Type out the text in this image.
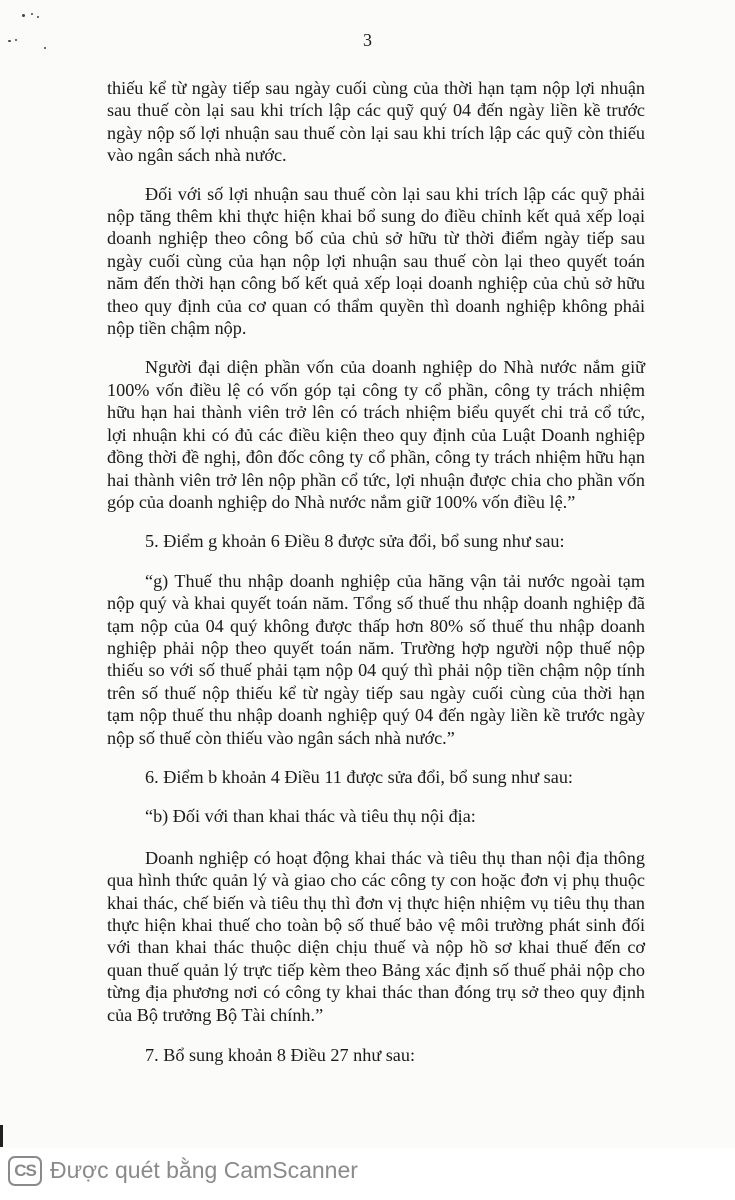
3

thiếu kể từ ngày tiếp sau ngày cuối cùng của thời hạn tạm nộp lợi nhuận sau thuế còn lại sau khi trích lập các quỹ quý 04 đến ngày liền kề trước ngày nộp số lợi nhuận sau thuế còn lại sau khi trích lập các quỹ còn thiếu vào ngân sách nhà nước.

Đối với số lợi nhuận sau thuế còn lại sau khi trích lập các quỹ phải nộp tăng thêm khi thực hiện khai bổ sung do điều chỉnh kết quả xếp loại doanh nghiệp theo công bố của chủ sở hữu từ thời điểm ngày tiếp sau ngày cuối cùng của hạn nộp lợi nhuận sau thuế còn lại theo quyết toán năm đến thời hạn công bố kết quả xếp loại doanh nghiệp của chủ sở hữu theo quy định của cơ quan có thẩm quyền thì doanh nghiệp không phải nộp tiền chậm nộp.

Người đại diện phần vốn của doanh nghiệp do Nhà nước nắm giữ 100% vốn điều lệ có vốn góp tại công ty cổ phần, công ty trách nhiệm hữu hạn hai thành viên trở lên có trách nhiệm biểu quyết chi trả cổ tức, lợi nhuận khi có đủ các điều kiện theo quy định của Luật Doanh nghiệp đồng thời đề nghị, đôn đốc công ty cổ phần, công ty trách nhiệm hữu hạn hai thành viên trở lên nộp phần cổ tức, lợi nhuận được chia cho phần vốn góp của doanh nghiệp do Nhà nước nắm giữ 100% vốn điều lệ.”

5. Điểm g khoản 6 Điều 8 được sửa đổi, bổ sung như sau:

“g) Thuế thu nhập doanh nghiệp của hãng vận tải nước ngoài tạm nộp quý và khai quyết toán năm. Tổng số thuế thu nhập doanh nghiệp đã tạm nộp của 04 quý không được thấp hơn 80% số thuế thu nhập doanh nghiệp phải nộp theo quyết toán năm. Trường hợp người nộp thuế nộp thiếu so với số thuế phải tạm nộp 04 quý thì phải nộp tiền chậm nộp tính trên số thuế nộp thiếu kể từ ngày tiếp sau ngày cuối cùng của thời hạn tạm nộp thuế thu nhập doanh nghiệp quý 04 đến ngày liền kề trước ngày nộp số thuế còn thiếu vào ngân sách nhà nước.”

6. Điểm b khoản 4 Điều 11 được sửa đổi, bổ sung như sau:

“b) Đối với than khai thác và tiêu thụ nội địa:

Doanh nghiệp có hoạt động khai thác và tiêu thụ than nội địa thông qua hình thức quản lý và giao cho các công ty con hoặc đơn vị phụ thuộc khai thác, chế biến và tiêu thụ thì đơn vị thực hiện nhiệm vụ tiêu thụ than thực hiện khai thuế cho toàn bộ số thuế bảo vệ môi trường phát sinh đối với than khai thác thuộc diện chịu thuế và nộp hồ sơ khai thuế đến cơ quan thuế quản lý trực tiếp kèm theo Bảng xác định số thuế phải nộp cho từng địa phương nơi có công ty khai thác than đóng trụ sở theo quy định của Bộ trưởng Bộ Tài chính.”

7. Bổ sung khoản 8 Điều 27 như sau:

CS Được quét bằng CamScanner
